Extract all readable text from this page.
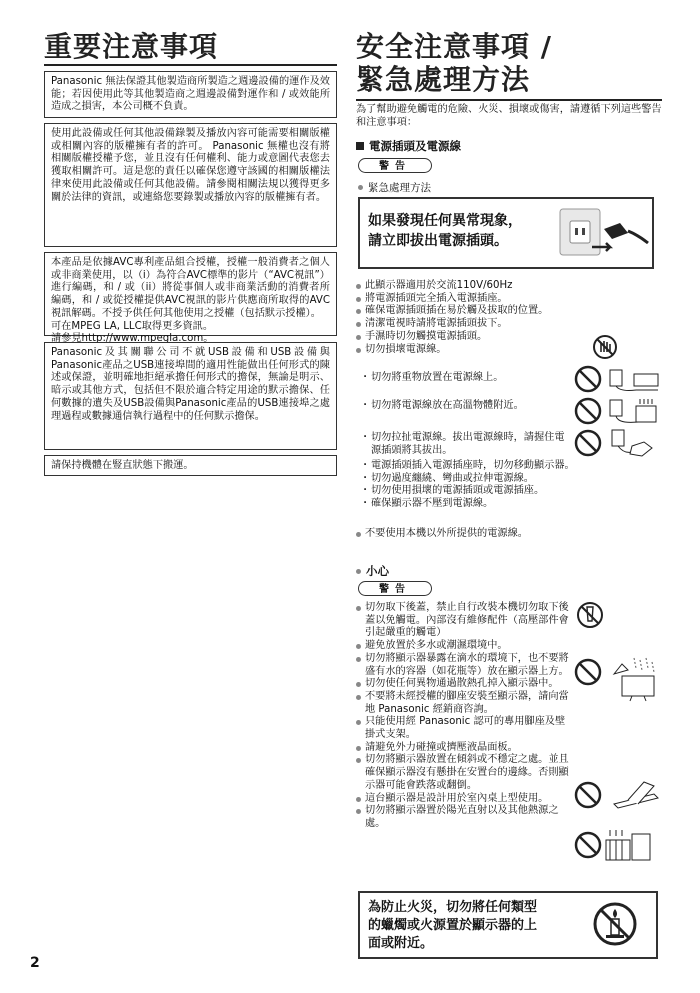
重要注意事項

Panasonic 無法保證其他製造商所製造之週邊設備的運作及效能；若因使用此等其他製造商之週邊設備對運作和 / 或效能所造成之損害，本公司概不負責。

使用此設備或任何其他設備錄製及播放內容可能需要相關版權或相關內容的版權擁有者的許可。 Panasonic 無權也沒有將相關版權授權予您，並且沒有任何權利、能力或意圖代表您去獲取相關許可。這是您的責任以確保您遵守該國的相關版權法律來使用此設備或任何其他設備。請參閱相關法規以獲得更多關於法律的資訊，或連絡您要錄製或播放內容的版權擁有者。

本產品是依據AVC專利產品組合授權，授權一般消費者之個人或非商業使用，以（i）為符合AVC標準的影片（“AVC視訊”）進行編碼，和 / 或（ii）將從事個人或非商業活動的消費者所編碼，和 / 或從授權提供AVC視訊的影片供應商所取得的AVC視訊解碼。不授予供任何其他使用之授權（包括默示授權）。

可在MPEG LA, LLC取得更多資訊。

請參見http://www.mpegla.com。

Panasonic及其關聯公司不就USB設備和USB設備與Panasonic產品之USB連接埠間的適用性能做出任何形式的陳述或保證，並明確地拒絕承擔任何形式的擔保，無論是明示、暗示或其他方式，包括但不限於適合特定用途的默示擔保、任何數據的遺失及USB設備與Panasonic產品的USB連接埠之處理過程或數據通信執行過程中的任何默示擔保。

請保持機體在豎直狀態下搬運。

安全注意事項 /
緊急處理方法
為了幫助避免觸電的危險、火災、損壞或傷害，請遵循下列這些警告和注意事項：
電源插頭及電源線
警告
緊急處理方法
如果發現任何異常現象，
請立即拔出電源插頭。
此顯示器適用於交流110V/60Hz
將電源插頭完全插入電源插座。
確保電源插頭插在易於觸及拔取的位置。
清潔電視時請將電源插頭拔下。
手濕時切勿觸摸電源插頭。
切勿損壞電源線。
・ 切勿將重物放置在電源線上。
・ 切勿將電源線放在高溫物體附近。
・ 切勿拉扯電源線。拔出電源線時，請握住電源插頭將其拔出。
・ 電源插頭插入電源插座時，切勿移動顯示器。
・ 切勿過度纏繞、彎曲或拉伸電源線。
・ 切勿使用損壞的電源插頭或電源插座。
・ 確保顯示器不壓到電源線。
不要使用本機以外所提供的電源線。
小心
警告
切勿取下後蓋，禁止自行改裝本機切勿取下後蓋以免觸電。內部沒有維修配件（高壓部件會引起嚴重的觸電）
避免放置於多水或潮濕環境中。
切勿將顯示器暴露在滴水的環境下，也不要將盛有水的容器（如花瓶等）放在顯示器上方。
切勿使任何異物通過散熱孔掉入顯示器中。
不要將未經授權的腳座安裝至顯示器，請向當地 Panasonic 經銷商咨詢。
只能使用經 Panasonic 認可的專用腳座及壁掛式支架。
請避免外力碰撞或擠壓液晶面板。
切勿將顯示器放置在傾斜或不穩定之處。並且確保顯示器沒有懸掛在安置台的邊緣。否則顯示器可能會跌落或翻倒。
這台顯示器是設計用於室內桌上型使用。
切勿將顯示器置於陽光直射以及其他熱源之處。
為防止火災，切勿將任何類型
的蠟燭或火源置於顯示器的上
面或附近。
2
